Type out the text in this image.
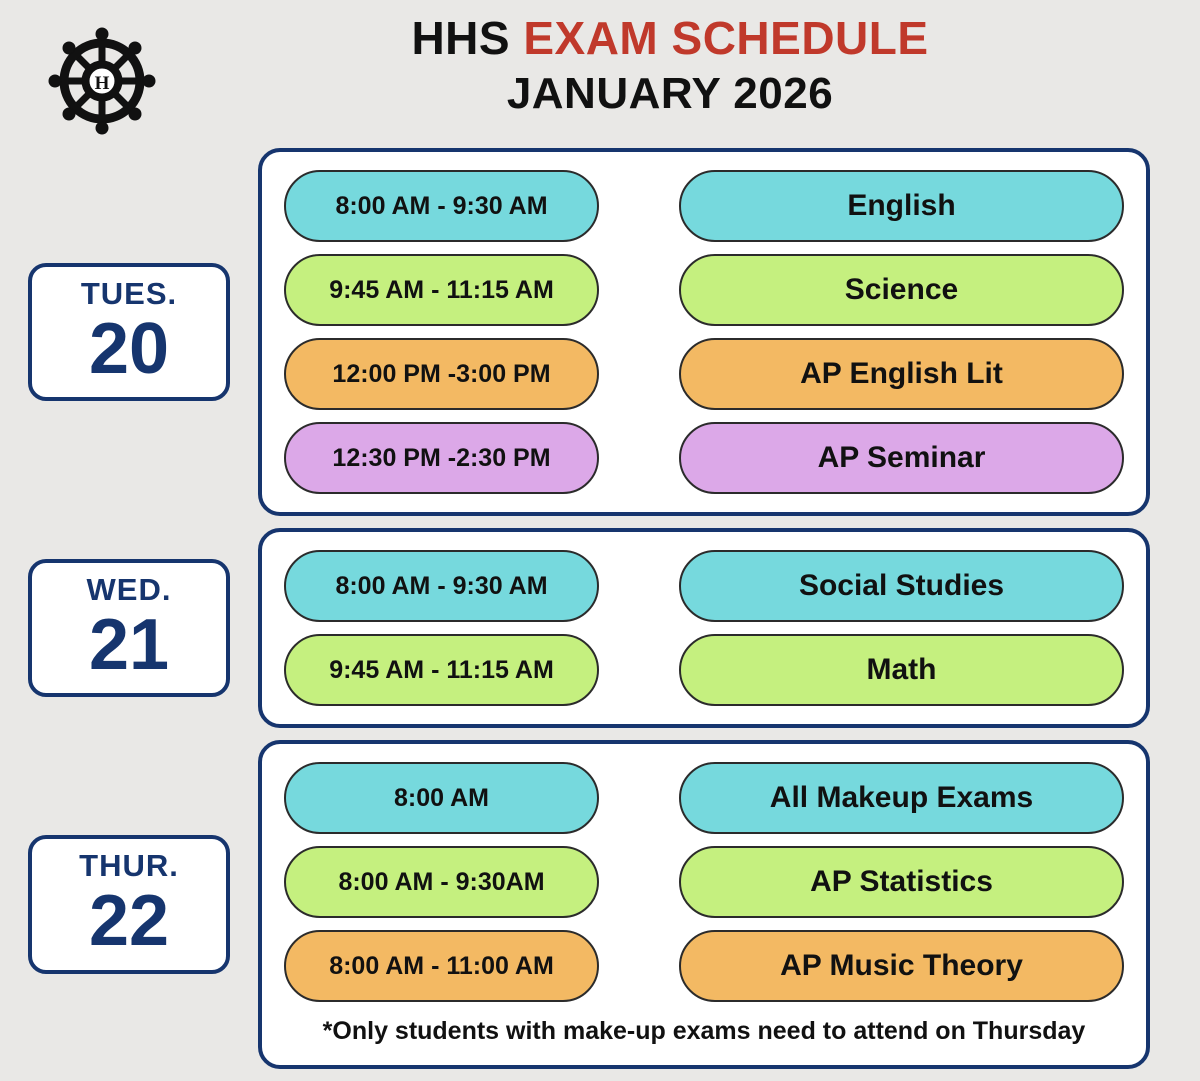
H
HHS EXAM SCHEDULE
JANUARY 2026
TUES.
20
8:00 AM - 9:30 AM	English
9:45 AM - 11:15 AM	Science
12:00 PM -3:00 PM	AP English Lit
12:30 PM -2:30 PM	AP Seminar
WED.
21
8:00 AM - 9:30 AM	Social Studies
9:45 AM - 11:15 AM	Math
THUR.
22
8:00 AM	All Makeup Exams
8:00 AM - 9:30AM	AP Statistics
8:00 AM - 11:00 AM	AP Music Theory
*Only students with make-up exams need to attend on Thursday
